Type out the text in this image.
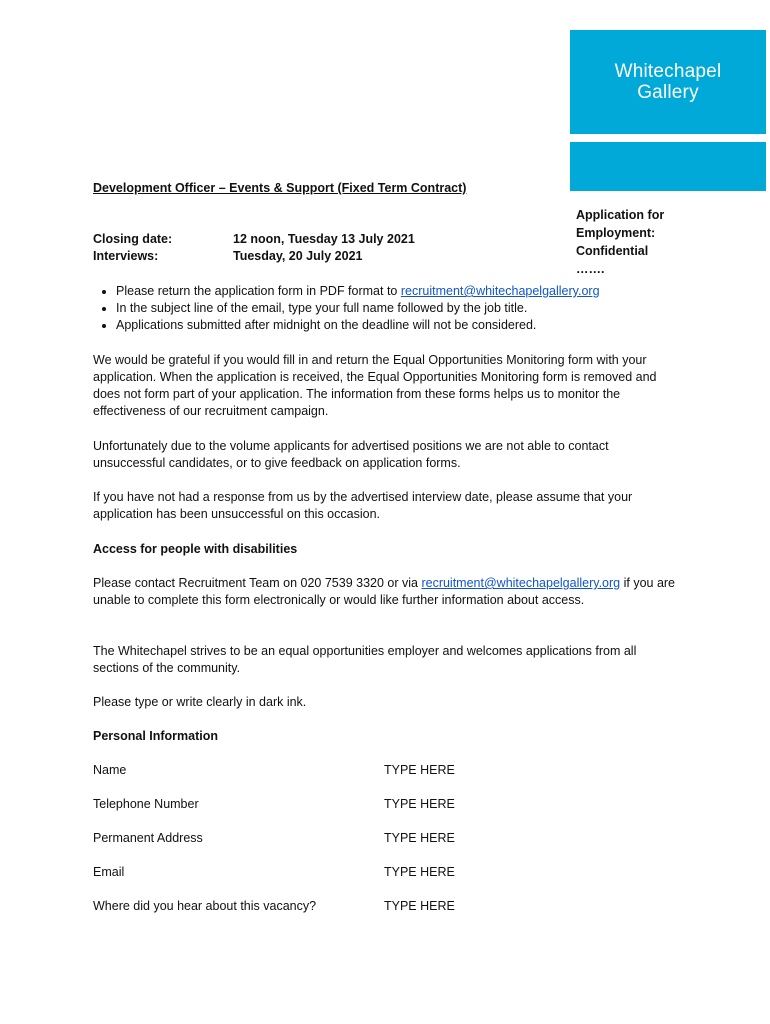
Whitechapel
Gallery
Development Officer – Events & Support (Fixed Term Contract)
Application for
Employment:
Confidential
…….
Closing date:	12 noon, Tuesday 13 July 2021
Interviews:	Tuesday, 20 July 2021
• Please return the application form in PDF format to recruitment@whitechapelgallery.org
• In the subject line of the email, type your full name followed by the job title.
• Applications submitted after midnight on the deadline will not be considered.
We would be grateful if you would fill in and return the Equal Opportunities Monitoring form with your application. When the application is received, the Equal Opportunities Monitoring form is removed and does not form part of your application. The information from these forms helps us to monitor the effectiveness of our recruitment campaign.
Unfortunately due to the volume applicants for advertised positions we are not able to contact unsuccessful candidates, or to give feedback on application forms.
If you have not had a response from us by the advertised interview date, please assume that your application has been unsuccessful on this occasion.
Access for people with disabilities
Please contact Recruitment Team on 020 7539 3320 or via recruitment@whitechapelgallery.org if you are unable to complete this form electronically or would like further information about access.
The Whitechapel strives to be an equal opportunities employer and welcomes applications from all sections of the community.
Please type or write clearly in dark ink.
Personal Information
Name	TYPE HERE
Telephone Number	TYPE HERE
Permanent Address	TYPE HERE
Email	TYPE HERE
Where did you hear about this vacancy?	TYPE HERE
